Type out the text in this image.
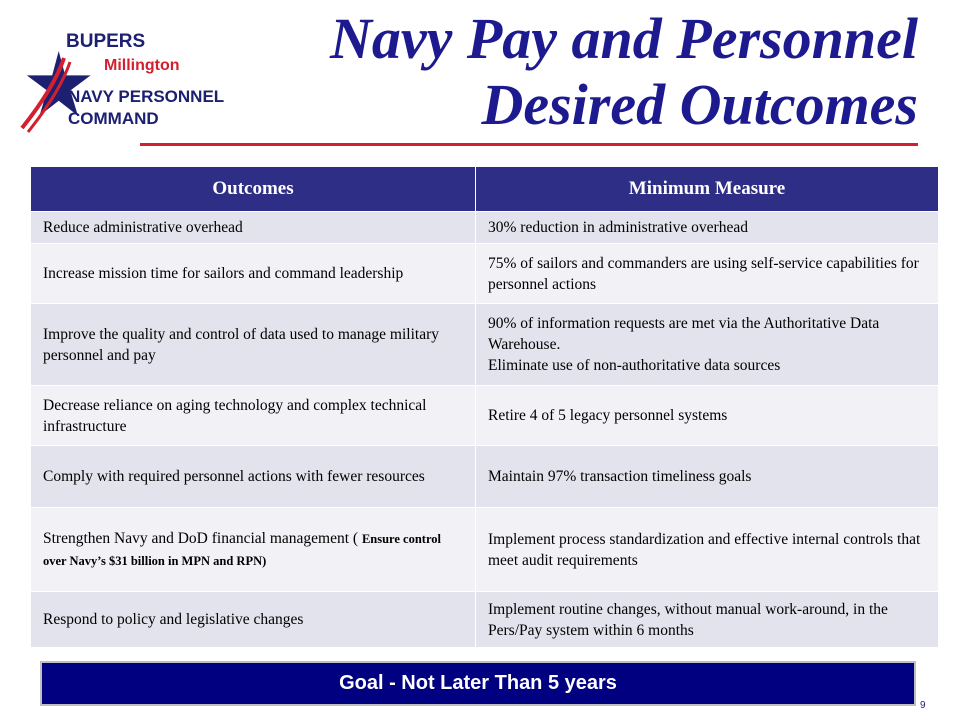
BUPERS
Millington
NAVY PERSONNEL
COMMAND
Navy Pay and Personnel
Desired Outcomes
Outcomes	Minimum Measure
Reduce administrative overhead	30% reduction in administrative overhead
Increase mission time for sailors and command leadership	75% of sailors and commanders are using self-service capabilities for personnel actions
Improve the quality and control of data used to manage military personnel and pay	90% of information requests are met via the Authoritative Data Warehouse.
Eliminate use of non-authoritative data sources
Decrease reliance on aging technology and complex technical infrastructure	Retire 4 of 5 legacy personnel systems
Comply with required personnel actions with fewer resources	Maintain 97% transaction timeliness goals
Strengthen Navy and DoD financial management ( Ensure control over Navy’s $31 billion in MPN and RPN)	Implement process standardization and effective internal controls that meet audit requirements
Respond to policy and legislative changes	Implement routine changes, without manual work-around, in the Pers/Pay system within 6 months
Goal - Not Later Than 5 years
9
